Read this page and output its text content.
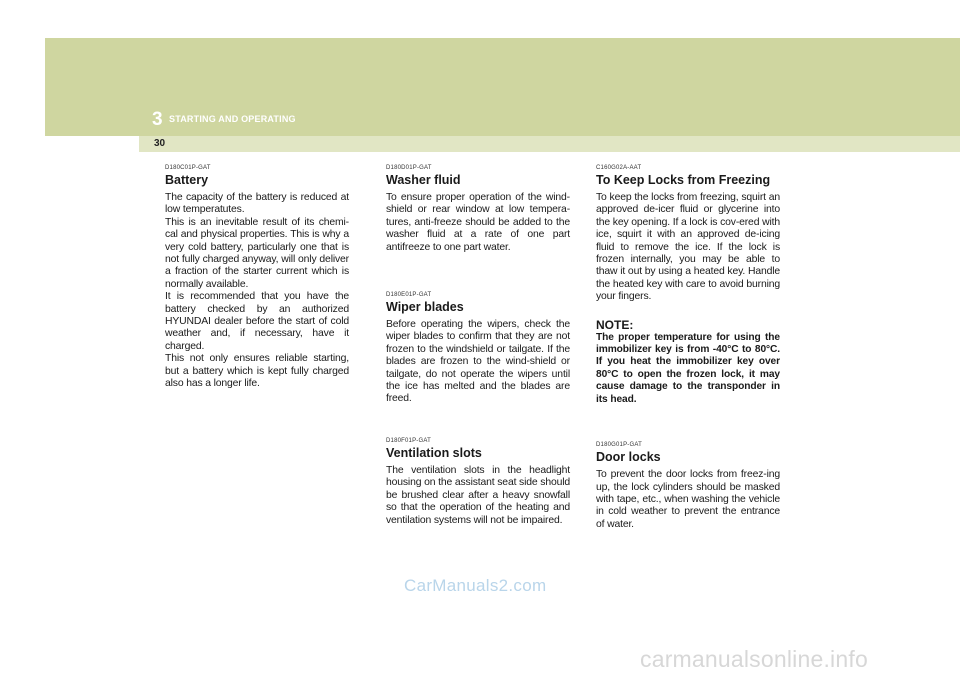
3 STARTING AND OPERATING
30
D180C01P-GAT
Battery

The capacity of the battery is reduced at low temperatutes.

This is an inevitable result of its chemi-cal and physical properties. This is why a very cold battery, particularly one that is not fully charged anyway, will only deliver a fraction of the starter current which is normally available.

It is recommended that you have the battery checked by an authorized HYUNDAI dealer before the start of cold weather and, if necessary, have it charged.

This not only ensures reliable starting, but a battery which is kept fully charged also has a longer life.

D180D01P-GAT
Washer fluid

To ensure proper operation of the wind-shield or rear window at low tempera-tures, anti-freeze should be added to the washer fluid at a rate of one part antifreeze to one part water.

D180E01P-GAT
Wiper blades

Before operating the wipers, check the wiper blades to confirm that they are not frozen to the windshield or tailgate. If the blades are frozen to the wind-shield or tailgate, do not operate the wipers until the ice has melted and the blades are freed.

D180F01P-GAT
Ventilation slots

The ventilation slots in the headlight housing on the assistant seat side should be brushed clear after a heavy snowfall so that the operation of the heating and ventilation systems will not be impaired.

C160G02A-AAT
To Keep Locks from Freezing

To keep the locks from freezing, squirt an approved de-icer fluid or glycerine into the key opening. If a lock is cov-ered with ice, squirt it with an approved de-icing fluid to remove the ice. If the lock is frozen internally, you may be able to thaw it out by using a heated key. Handle the heated key with care to avoid burning your fingers.

NOTE:

The proper temperature for using the immobilizer key is from -40°C to 80°C. If you heat the immobilizer key over 80°C to open the frozen lock, it may cause damage to the transponder in its head.

D180G01P-GAT
Door locks

To prevent the door locks from freez-ing up, the lock cylinders should be masked with tape, etc., when washing the vehicle in cold weather to prevent the entrance of water.

CarManuals2.com
carmanualsonline.info
